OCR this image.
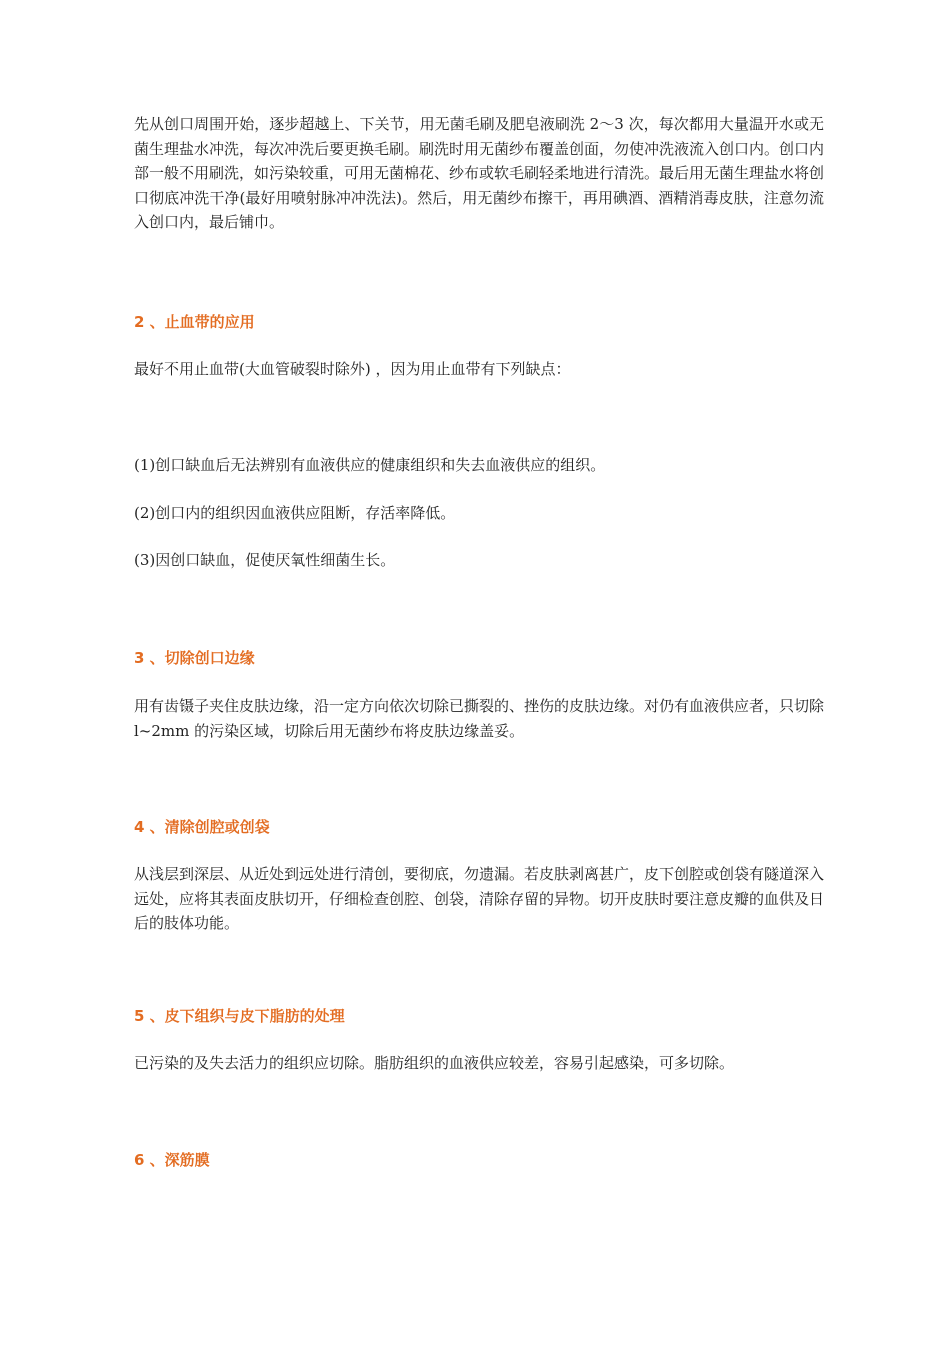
先从创口周围开始，逐步超越上、下关节，用无菌毛刷及肥皂液刷洗 2～3 次，每次都用大量温开水或无菌生理盐水冲洗，每次冲洗后要更换毛刷。刷洗时用无菌纱布覆盖创面，勿使冲洗液流入创口内。创口内部一般不用刷洗，如污染较重，可用无菌棉花、纱布或软毛刷轻柔地进行清洗。最后用无菌生理盐水将创口彻底冲洗干净(最好用喷射脉冲冲洗法)。然后，用无菌纱布擦干，再用碘酒、酒精消毒皮肤，注意勿流入创口内，最后铺巾。

2 、止血带的应用

最好不用止血带(大血管破裂时除外) ，因为用止血带有下列缺点：

(1)创口缺血后无法辨别有血液供应的健康组织和失去血液供应的组织。

(2)创口内的组织因血液供应阻断，存活率降低。

(3)因创口缺血，促使厌氧性细菌生长。

3 、切除创口边缘

用有齿镊子夹住皮肤边缘，沿一定方向依次切除已撕裂的、挫伤的皮肤边缘。对仍有血液供应者，只切除 l~2mm 的污染区域，切除后用无菌纱布将皮肤边缘盖妥。

4 、清除创腔或创袋

从浅层到深层、从近处到远处进行清创，要彻底，勿遗漏。若皮肤剥离甚广，皮下创腔或创袋有隧道深入远处，应将其表面皮肤切开，仔细检查创腔、创袋，清除存留的异物。切开皮肤时要注意皮瓣的血供及日后的肢体功能。

5 、皮下组织与皮下脂肪的处理

已污染的及失去活力的组织应切除。脂肪组织的血液供应较差，容易引起感染，可多切除。

6 、深筋膜
